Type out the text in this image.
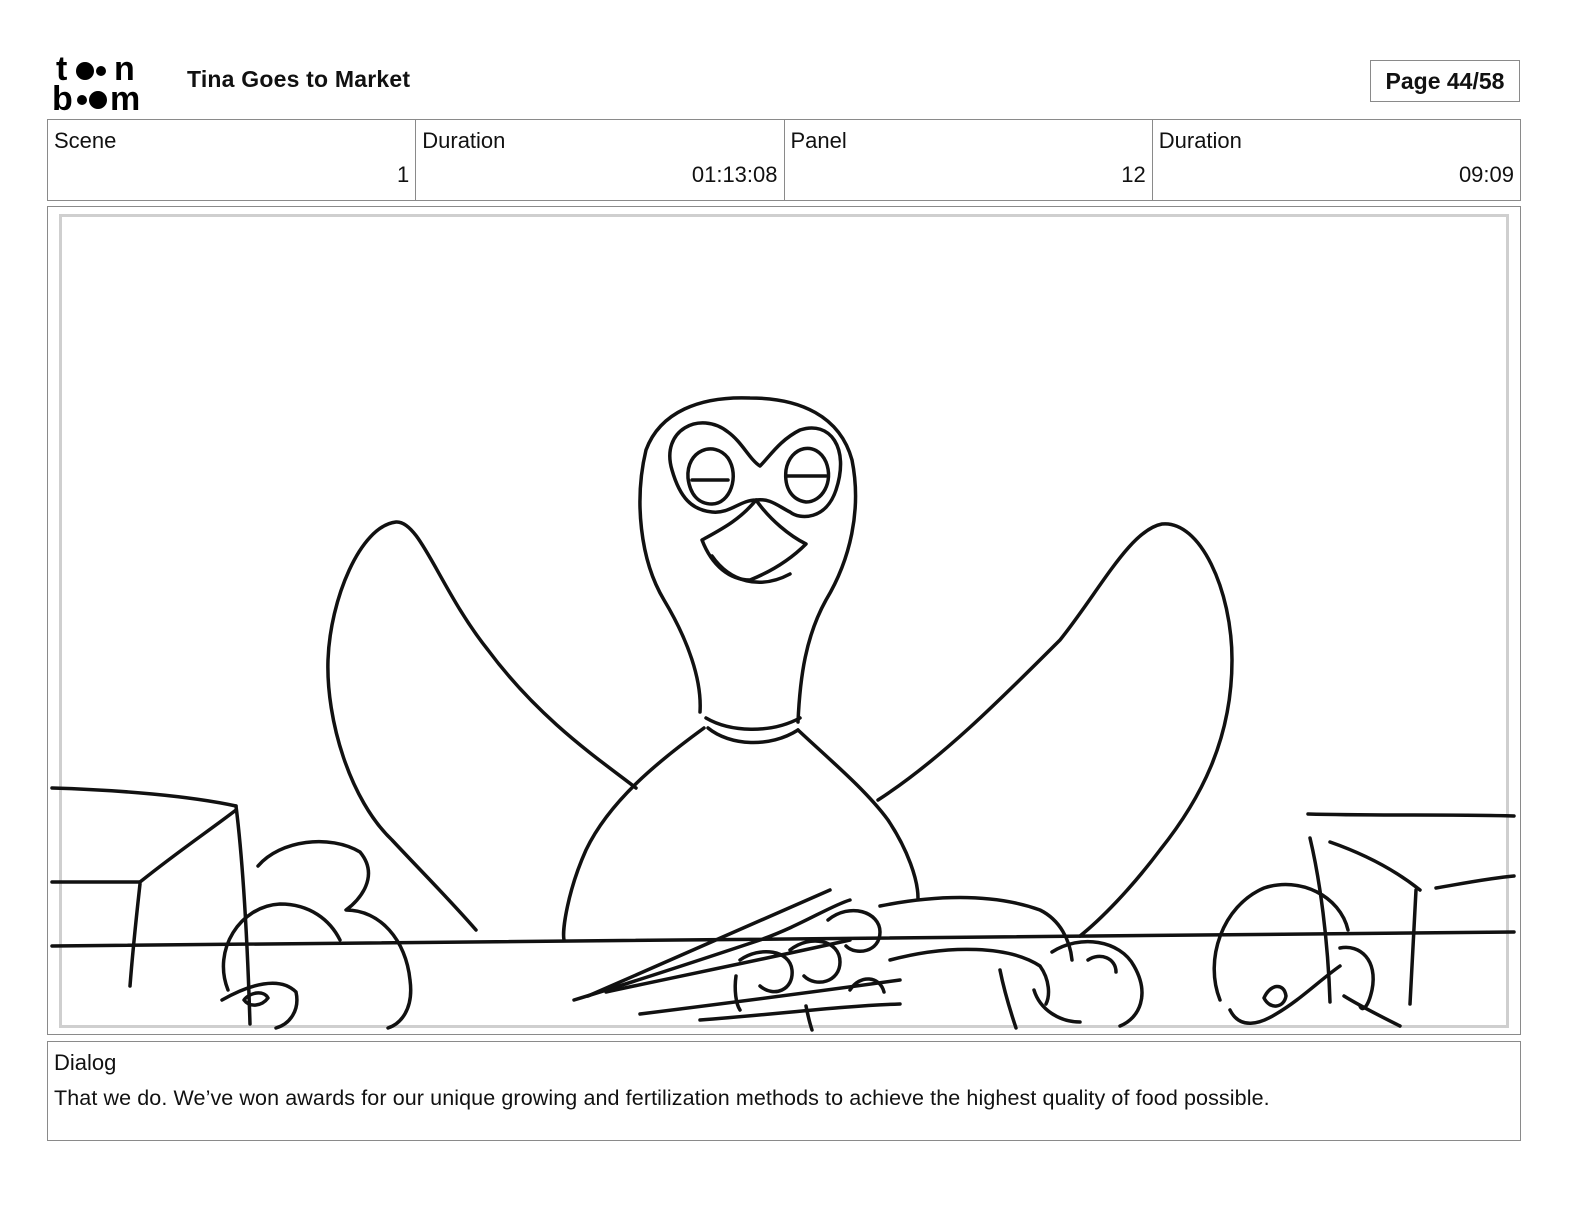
t n
b m
Tina Goes to Market	Page 44/58
Scene
1
Duration
01:13:08
Panel
12
Duration
09:09
Dialog
That we do. We’ve won awards for our unique growing and fertilization methods to achieve the highest quality of food possible.
